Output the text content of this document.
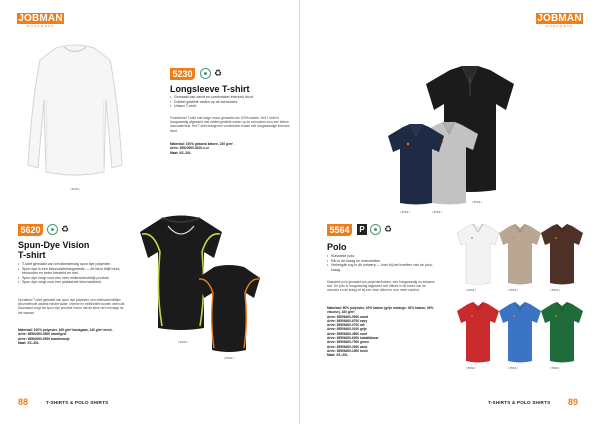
JOBMAN
WORKWEAR
| 5230 |
5230 ♻
Longsleeve T-shirt
• Gemaakt van zacht en comfortabel interlock tricot.
• Dubbel gestikte naden op de schouders.
• Unisex T-shirt.
Functioneel T-shirt met lange mouw gemaakt van 100% katoen. Het T-shirt is hoogwaardig afgewerkt met dubbel gestikte naden op de schouders voor een betere duurzaamheid. Het T-shirt draagt een comfortabel model met hoogwaardige interlock tricot.
Materiaal: 100% gekamd katoen, 220 g/m².
Artnr: 65523000-8100-s-xl
Maat: XS–3XL
5620 ♻
Spun-Dye Vision
T-shirt
• T-shirt gemaakt van kreukbestendig spun dye polyester.
• Spun dye is een kleurvastheidsgarantie — de kleur blijft mooi, behouden en beter hersteld en niet.
• Spun dye zorgt voor een zeer milieuvriendelijk product.
• Spun dye zorgt voor een plakkende kleurvastheid.
Opvallend T-shirt gemaakt van spun dye polyester, een milieuvriendelijke kleurmethode waarbij minder water, chemie en elektriciteit worden verbruikt. Daarnaast zorgt het spun dye procedé ervoor dat de kleur niet vervaagt na het wassen.
Materiaal: 100% polyester, 165 g/m² basisgaas, 140 g/m² mesh.
Artnr: 65562000-9600 zwart/geel
Artnr: 65562000-9929 zwart/oranje
Maat: XS–3XL	| 5620 |
| 5620 |
88	T-SHIRTS & POLO SHIRTS
JOBMAN
WORKWEAR
| 5564 |	| 5564 |
| 5564 |
5564	P ♻
Polo
• Klassieke polo.
• Rib in de kraag en manchetten.
• Verlengde rug in dit ontwerp — koel bij het inzetten van de polo-kraag.
Klassieke polo gemaakt van polyester/katoen, een hoogwaardig en dutzame stof. De polo is hoogwaardig afgewerkt met ribbels in de boord van de mouwen en de kraag zit bij een mooi ribbel en voor meer comfort.
Materiaal: 60% polyester, 40% katoen (grijs melange: 40% katoen, 60% viscose), 180 g/m².
Artnr: 65556400-9900 zwart
Artnr: 65556400-6700 navy
Artnr: 65556400-0700 wit
Artnr: 65556400-0100 grijs
Artnr: 65556400-4500 rood
Artnr: 65556400-6200 kobaltblauw
Artnr: 65556400-7500 groen
Artnr: 65556400-2000 zand
Artnr: 65556400-1500 bruin
Maat: XS–3XL
| 5564 |	| 5564 |	| 5564 |
| 5564 |	| 5564 |	| 5564 |
T-SHIRTS & POLO SHIRTS 89
